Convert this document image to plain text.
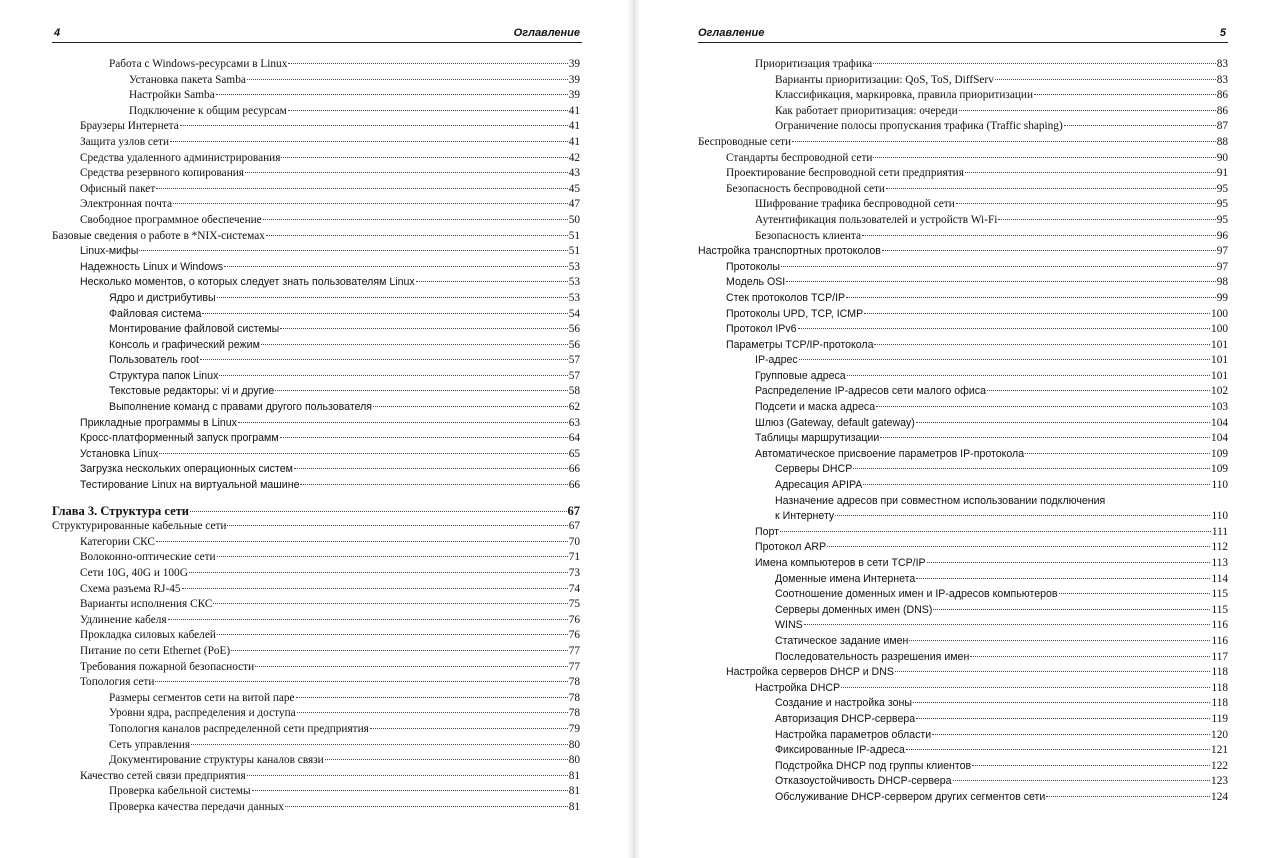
4	Оглавление
Работа с Windows-ресурсами в Linux	39
Установка пакета Samba	39
Настройки Samba	39
Подключение к общим ресурсам	41
Браузеры Интернета	41
Защита узлов сети	41
Средства удаленного администрирования	42
Средства резервного копирования	43
Офисный пакет	45
Электронная почта	47
Свободное программное обеспечение	50
Базовые сведения о работе в *NIX-системах	51
Linux-мифы	51
Надежность Linux и Windows	53
Несколько моментов, о которых следует знать пользователям Linux	53
Ядро и дистрибутивы	53
Файловая система	54
Монтирование файловой системы	56
Консоль и графический режим	56
Пользователь root	57
Структура папок Linux	57
Текстовые редакторы: vi и другие	58
Выполнение команд с правами другого пользователя	62
Прикладные программы в Linux	63
Кросс-платформенный запуск программ	64
Установка Linux	65
Загрузка нескольких операционных систем	66
Тестирование Linux на виртуальной машине	66
Глава 3. Структура сети	67
Структурированные кабельные сети	67
Категории СКС	70
Волоконно-оптические сети	71
Сети 10G, 40G и 100G	73
Схема разъема RJ-45	74
Варианты исполнения СКС	75
Удлинение кабеля	76
Прокладка силовых кабелей	76
Питание по сети Ethernet (PoE)	77
Требования пожарной безопасности	77
Топология сети	78
Размеры сегментов сети на витой паре	78
Уровни ядра, распределения и доступа	78
Топология каналов распределенной сети предприятия	79
Сеть управления	80
Документирование структуры каналов связи	80
Качество сетей связи предприятия	81
Проверка кабельной системы	81
Проверка качества передачи данных	81
Оглавление	5
Приоритизация трафика	83
Варианты приоритизации: QoS, ToS, DiffServ	83
Классификация, маркировка, правила приоритизации	86
Как работает приоритизация: очереди	86
Ограничение полосы пропускания трафика (Traffic shaping)	87
Беспроводные сети	88
Стандарты беспроводной сети	90
Проектирование беспроводной сети предприятия	91
Безопасность беспроводной сети	95
Шифрование трафика беспроводной сети	95
Аутентификация пользователей и устройств Wi-Fi	95
Безопасность клиента	96
Настройка транспортных протоколов	97
Протоколы	97
Модель OSI	98
Стек протоколов TCP/IP	99
Протоколы UPD, TCP, ICMP	100
Протокол IPv6	100
Параметры TCP/IP-протокола	101
IP-адрес	101
Групповые адреса	101
Распределение IP-адресов сети малого офиса	102
Подсети и маска адреса	103
Шлюз (Gateway, default gateway)	104
Таблицы маршрутизации	104
Автоматическое присвоение параметров IP-протокола	109
Серверы DHCP	109
Адресация APIPA	110
Назначение адресов при совместном использовании подключения
к Интернету	110
Порт	111
Протокол ARP	112
Имена компьютеров в сети TCP/IP	113
Доменные имена Интернета	114
Соотношение доменных имен и IP-адресов компьютеров	115
Серверы доменных имен (DNS)	115
WINS	116
Статическое задание имен	116
Последовательность разрешения имен	117
Настройка серверов DHCP и DNS	118
Настройка DHCP	118
Создание и настройка зоны	118
Авторизация DHCP-сервера	119
Настройка параметров области	120
Фиксированные IP-адреса	121
Подстройка DHCP под группы клиентов	122
Отказоустойчивость DHCP-сервера	123
Обслуживание DHCP-сервером других сегментов сети	124
